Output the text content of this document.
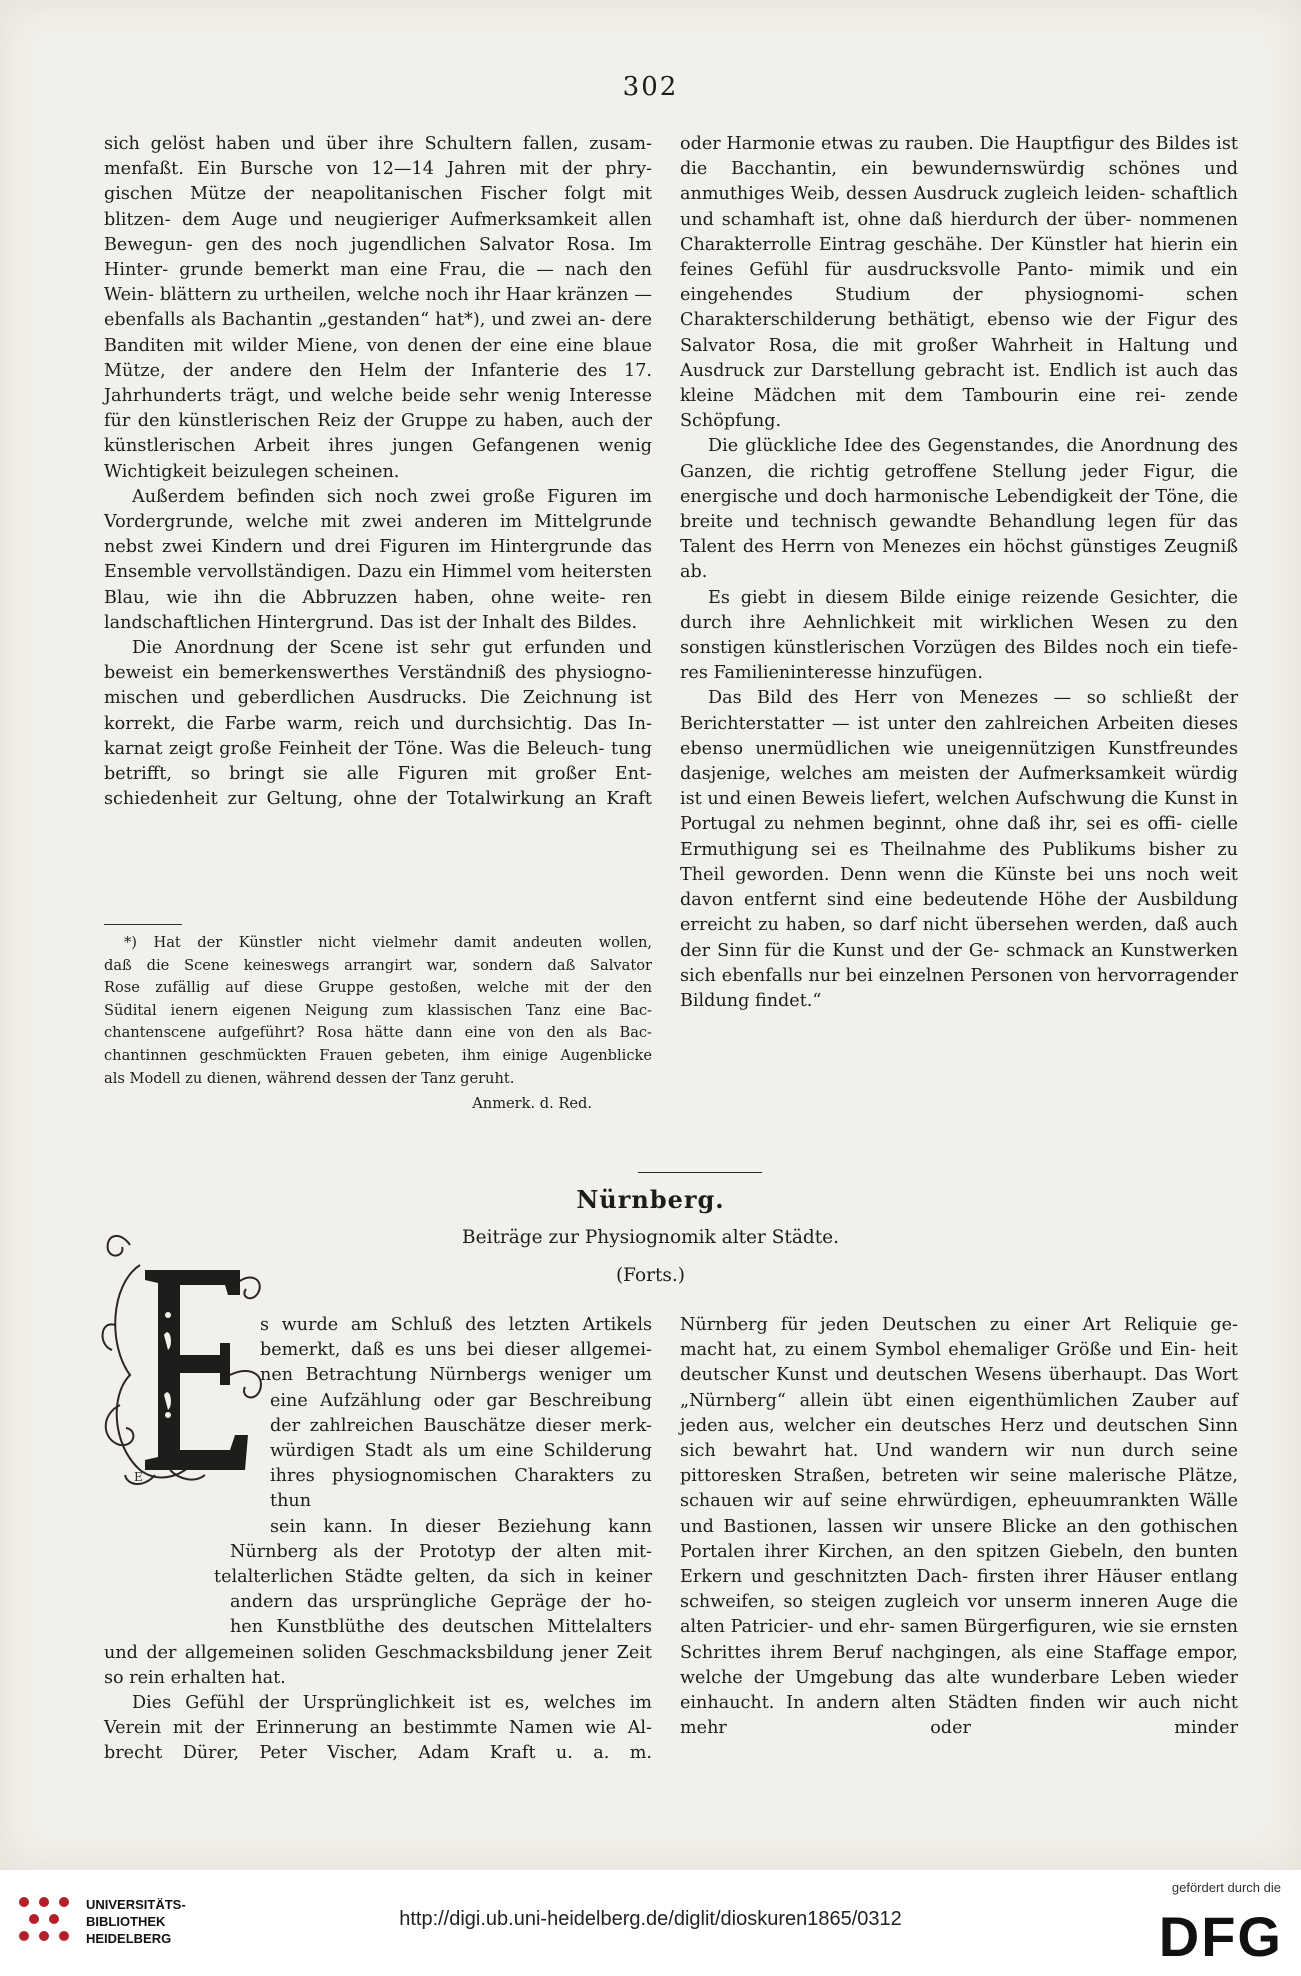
302

sich gelöst haben und über ihre Schultern fallen, zusam- menfaßt. Ein Bursche von 12—14 Jahren mit der phry- gischen Mütze der neapolitanischen Fischer folgt mit blitzen- dem Auge und neugieriger Aufmerksamkeit allen Bewegun- gen des noch jugendlichen Salvator Rosa. Im Hinter- grunde bemerkt man eine Frau, die — nach den Wein- blättern zu urtheilen, welche noch ihr Haar kränzen — ebenfalls als Bachantin „gestanden“ hat*), und zwei an- dere Banditen mit wilder Miene, von denen der eine eine blaue Mütze, der andere den Helm der Infanterie des 17. Jahrhunderts trägt, und welche beide sehr wenig Interesse für den künstlerischen Reiz der Gruppe zu haben, auch der künstlerischen Arbeit ihres jungen Gefangenen wenig Wichtigkeit beizulegen scheinen.

Außerdem befinden sich noch zwei große Figuren im Vordergrunde, welche mit zwei anderen im Mittelgrunde nebst zwei Kindern und drei Figuren im Hintergrunde das Ensemble vervollständigen. Dazu ein Himmel vom heitersten Blau, wie ihn die Abbruzzen haben, ohne weite- ren landschaftlichen Hintergrund. Das ist der Inhalt des Bildes.

Die Anordnung der Scene ist sehr gut erfunden und beweist ein bemerkenswerthes Verständniß des physiogno- mischen und geberdlichen Ausdrucks. Die Zeichnung ist korrekt, die Farbe warm, reich und durchsichtig. Das In- karnat zeigt große Feinheit der Töne. Was die Beleuch- tung betrifft, so bringt sie alle Figuren mit großer Ent- schiedenheit zur Geltung, ohne der Totalwirkung an Kraft

*) Hat der Künstler nicht vielmehr damit andeuten wollen,

daß die Scene keineswegs arrangirt war, sondern daß Salvator

Rose zufällig auf diese Gruppe gestoßen, welche mit der den

Südital ienern eigenen Neigung zum klassischen Tanz eine Bac-

chantenscene aufgeführt? Rosa hätte dann eine von den als Bac-

chantinnen geschmückten Frauen gebeten, ihm einige Augenblicke

als Modell zu dienen, während dessen der Tanz geruht.

Anmerk. d. Red.

oder Harmonie etwas zu rauben. Die Hauptfigur des Bildes ist die Bacchantin, ein bewundernswürdig schönes und anmuthiges Weib, dessen Ausdruck zugleich leiden- schaftlich und schamhaft ist, ohne daß hierdurch der über- nommenen Charakterrolle Eintrag geschähe. Der Künstler hat hierin ein feines Gefühl für ausdrucksvolle Panto- mimik und ein eingehendes Studium der physiognomi- schen Charakterschilderung bethätigt, ebenso wie der Figur des Salvator Rosa, die mit großer Wahrheit in Haltung und Ausdruck zur Darstellung gebracht ist. Endlich ist auch das kleine Mädchen mit dem Tambourin eine rei- zende Schöpfung.

Die glückliche Idee des Gegenstandes, die Anordnung des Ganzen, die richtig getroffene Stellung jeder Figur, die energische und doch harmonische Lebendigkeit der Töne, die breite und technisch gewandte Behandlung legen für das Talent des Herrn von Menezes ein höchst günstiges Zeugniß ab.

Es giebt in diesem Bilde einige reizende Gesichter, die durch ihre Aehnlichkeit mit wirklichen Wesen zu den sonstigen künstlerischen Vorzügen des Bildes noch ein tiefe- res Familieninteresse hinzufügen.

Das Bild des Herr von Menezes — so schließt der Berichterstatter — ist unter den zahlreichen Arbeiten dieses ebenso unermüdlichen wie uneigennützigen Kunstfreundes dasjenige, welches am meisten der Aufmerksamkeit würdig ist und einen Beweis liefert, welchen Aufschwung die Kunst in Portugal zu nehmen beginnt, ohne daß ihr, sei es offi- cielle Ermuthigung sei es Theilnahme des Publikums bisher zu Theil geworden. Denn wenn die Künste bei uns noch weit davon entfernt sind eine bedeutende Höhe der Ausbildung erreicht zu haben, so darf nicht übersehen werden, daß auch der Sinn für die Kunst und der Ge- schmack an Kunstwerken sich ebenfalls nur bei einzelnen Personen von hervorragender Bildung findet.“

Nürnberg.
Beiträge zur Physiognomik alter Städte.
(Forts.)
E

s wurde am Schluß des letzten Artikels

bemerkt, daß es uns bei dieser allgemei-

nen Betrachtung Nürnbergs weniger um

eine Aufzählung oder gar Beschreibung

der zahlreichen Bauschätze dieser merk-

würdigen Stadt als um eine Schilderung

ihres physiognomischen Charakters zu thun

sein kann. In dieser Beziehung kann

Nürnberg als der Prototyp der alten mit-

telalterlichen Städte gelten, da sich in keiner

andern das ursprüngliche Gepräge der ho-

hen Kunstblüthe des deutschen Mittelalters

und der allgemeinen soliden Geschmacksbildung jener Zeit so rein erhalten hat.

Dies Gefühl der Ursprünglichkeit ist es, welches im Verein mit der Erinnerung an bestimmte Namen wie Al- brecht Dürer, Peter Vischer, Adam Kraft u. a. m.

Nürnberg für jeden Deutschen zu einer Art Reliquie ge- macht hat, zu einem Symbol ehemaliger Größe und Ein- heit deutscher Kunst und deutschen Wesens überhaupt. Das Wort „Nürnberg“ allein übt einen eigenthümlichen Zauber auf jeden aus, welcher ein deutsches Herz und deutschen Sinn sich bewahrt hat. Und wandern wir nun durch seine pittoresken Straßen, betreten wir seine malerische Plätze, schauen wir auf seine ehrwürdigen, epheuumrankten Wälle und Bastionen, lassen wir unsere Blicke an den gothischen Portalen ihrer Kirchen, an den spitzen Giebeln, den bunten Erkern und geschnitzten Dach- firsten ihrer Häuser entlang schweifen, so steigen zugleich vor unserm inneren Auge die alten Patricier- und ehr- samen Bürgerfiguren, wie sie ernsten Schrittes ihrem Beruf nachgingen, als eine Staffage empor, welche der Umgebung das alte wunderbare Leben wieder einhaucht. In andern alten Städten finden wir auch nicht mehr oder minder

UNIVERSITÄTS-
BIBLIOTHEK
HEIDELBERG
http://digi.ub.uni-heidelberg.de/diglit/dioskuren1865/0312
gefördert durch die
DFG
